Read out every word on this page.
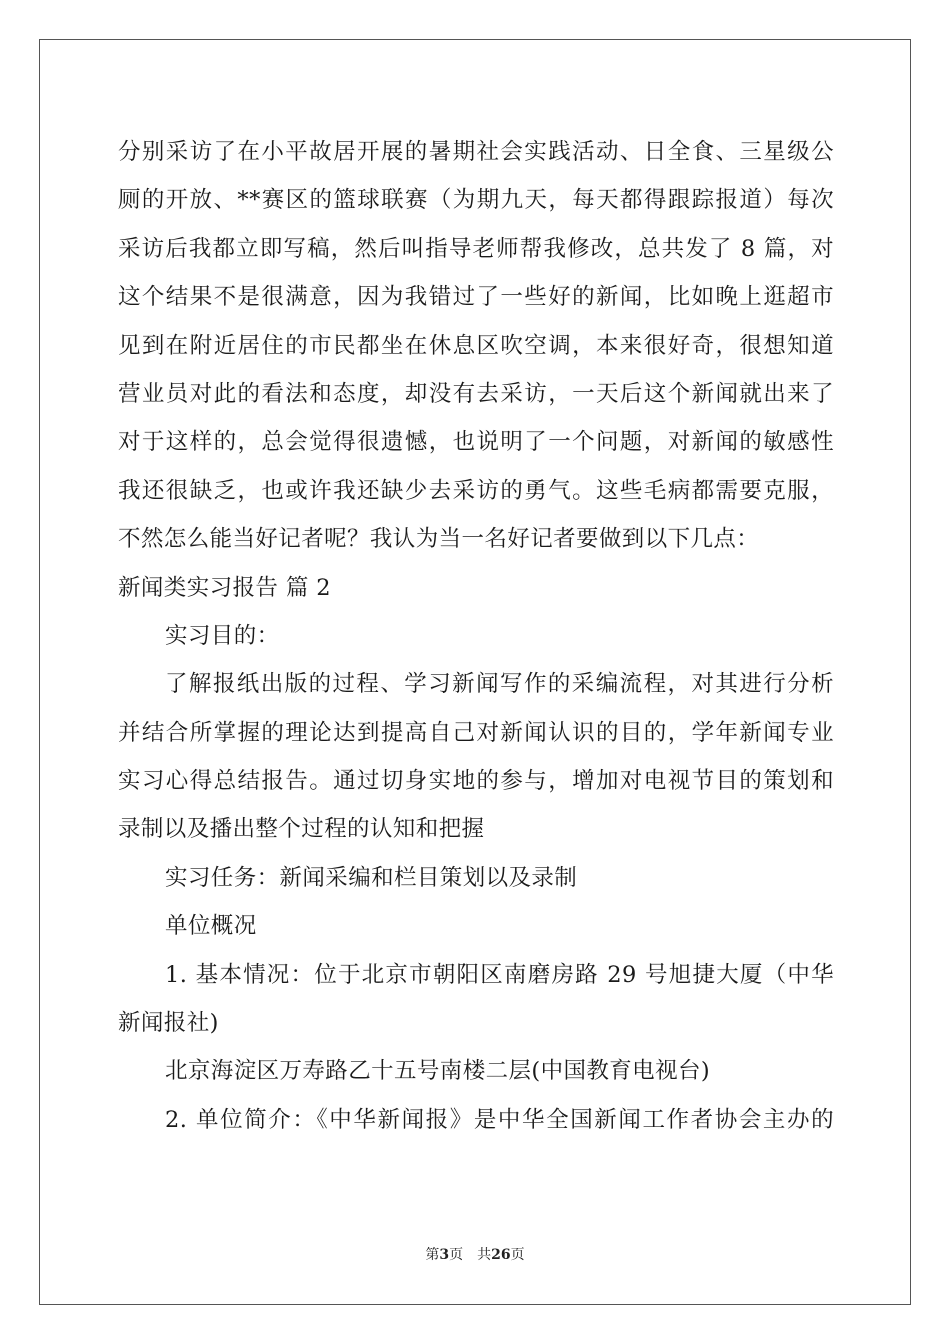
分别采访了在小平故居开展的暑期社会实践活动、日全食、三星级公
厕的开放、**赛区的篮球联赛（为期九天，每天都得跟踪报道）每次
采访后我都立即写稿，然后叫指导老师帮我修改，总共发了 8 篇，对
这个结果不是很满意，因为我错过了一些好的新闻，比如晚上逛超市
见到在附近居住的市民都坐在休息区吹空调，本来很好奇，很想知道
营业员对此的看法和态度，却没有去采访，一天后这个新闻就出来了
对于这样的，总会觉得很遗憾，也说明了一个问题，对新闻的敏感性
我还很缺乏，也或许我还缺少去采访的勇气。这些毛病都需要克服，
不然怎么能当好记者呢？我认为当一名好记者要做到以下几点：
新闻类实习报告 篇 2
实习目的：
了解报纸出版的过程、学习新闻写作的采编流程，对其进行分析
并结合所掌握的理论达到提高自己对新闻认识的目的，学年新闻专业
实习心得总结报告。通过切身实地的参与，增加对电视节目的策划和
录制以及播出整个过程的认知和把握
实习任务：新闻采编和栏目策划以及录制
单位概况
1. 基本情况：位于北京市朝阳区南磨房路 29 号旭捷大厦（中华
新闻报社)
北京海淀区万寿路乙十五号南楼二层(中国教育电视台)
2. 单位简介：《中华新闻报》是中华全国新闻工作者协会主办的
第3页　共26页
